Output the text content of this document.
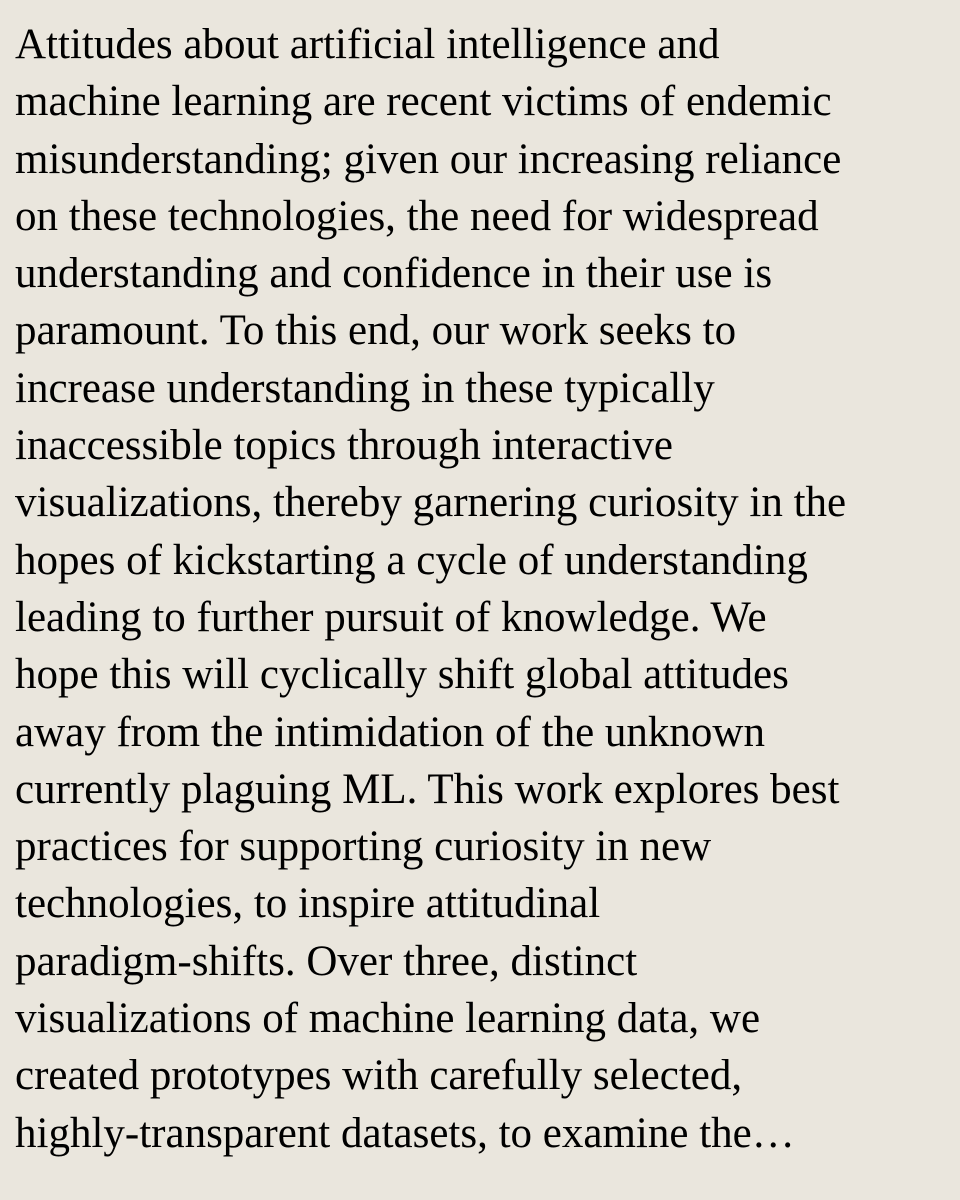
Attitudes about artificial intelligence and
machine learning are recent victims of endemic
misunderstanding; given our increasing reliance
on these technologies, the need for widespread
understanding and confidence in their use is
paramount. To this end, our work seeks to
increase understanding in these typically
inaccessible topics through interactive
visualizations, thereby garnering curiosity in the
hopes of kickstarting a cycle of understanding
leading to further pursuit of knowledge. We
hope this will cyclically shift global attitudes
away from the intimidation of the unknown
currently plaguing ML. This work explores best
practices for supporting curiosity in new
technologies, to inspire attitudinal
paradigm-shifts. Over three, distinct
visualizations of machine learning data, we
created prototypes with carefully selected,
highly-transparent datasets, to examine the…
